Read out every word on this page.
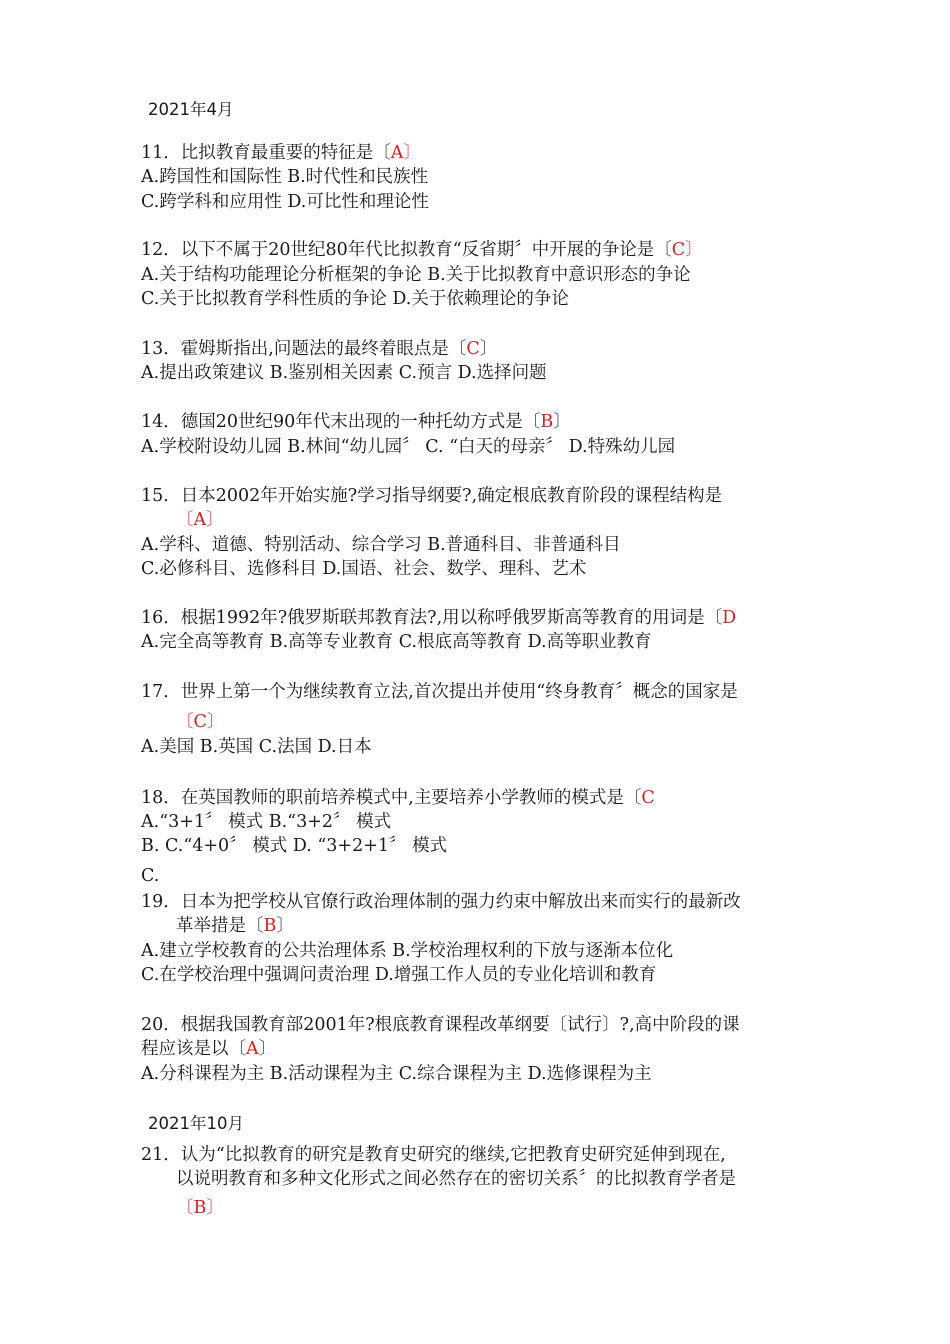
2021年4月
11．比拟教育最重要的特征是〔A〕
A.跨国性和国际性 B.时代性和民族性
C.跨学科和应用性 D.可比性和理论性
12．以下不属于20世纪80年代比拟教育“反省期〞中开展的争论是〔C〕
A.关于结构功能理论分析框架的争论 B.关于比拟教育中意识形态的争论
C.关于比拟教育学科性质的争论 D.关于依赖理论的争论
13．霍姆斯指出,问题法的最终着眼点是〔C〕
A.提出政策建议 B.鉴别相关因素 C.预言 D.选择问题
14．德国20世纪90年代末出现的一种托幼方式是〔B〕
A.学校附设幼儿园 B.林间“幼儿园〞 C. “白天的母亲〞 D.特殊幼儿园
15．日本2002年开始实施?学习指导纲要?,确定根底教育阶段的课程结构是
〔A〕
A.学科、道德、特别活动、综合学习 B.普通科目、非普通科目
C.必修科目、选修科目 D.国语、社会、数学、理科、艺术
16．根据1992年?俄罗斯联邦教育法?,用以称呼俄罗斯高等教育的用词是〔D
A.完全高等教育 B.高等专业教育 C.根底高等教育 D.高等职业教育
17．世界上第一个为继续教育立法,首次提出并使用“终身教育〞概念的国家是
〔C〕
A.美国 B.英国 C.法国 D.日本
18．在英国教师的职前培养模式中,主要培养小学教师的模式是〔C
A.“3+1〞 模式 B.“3+2〞 模式
B. C.“4+0〞 模式 D. “3+2+1〞 模式
C.
19．日本为把学校从官僚行政治理体制的强力约束中解放出来而实行的最新改
革举措是〔B〕
A.建立学校教育的公共治理体系 B.学校治理权利的下放与逐渐本位化
C.在学校治理中强调问责治理 D.增强工作人员的专业化培训和教育
20．根据我国教育部2001年?根底教育课程改革纲要〔试行〕?,高中阶段的课
程应该是以〔A〕
A.分科课程为主 B.活动课程为主 C.综合课程为主 D.选修课程为主
2021年10月
21．认为“比拟教育的研究是教育史研究的继续,它把教育史研究延伸到现在,
以说明教育和多种文化形式之间必然存在的密切关系〞的比拟教育学者是
〔B〕
